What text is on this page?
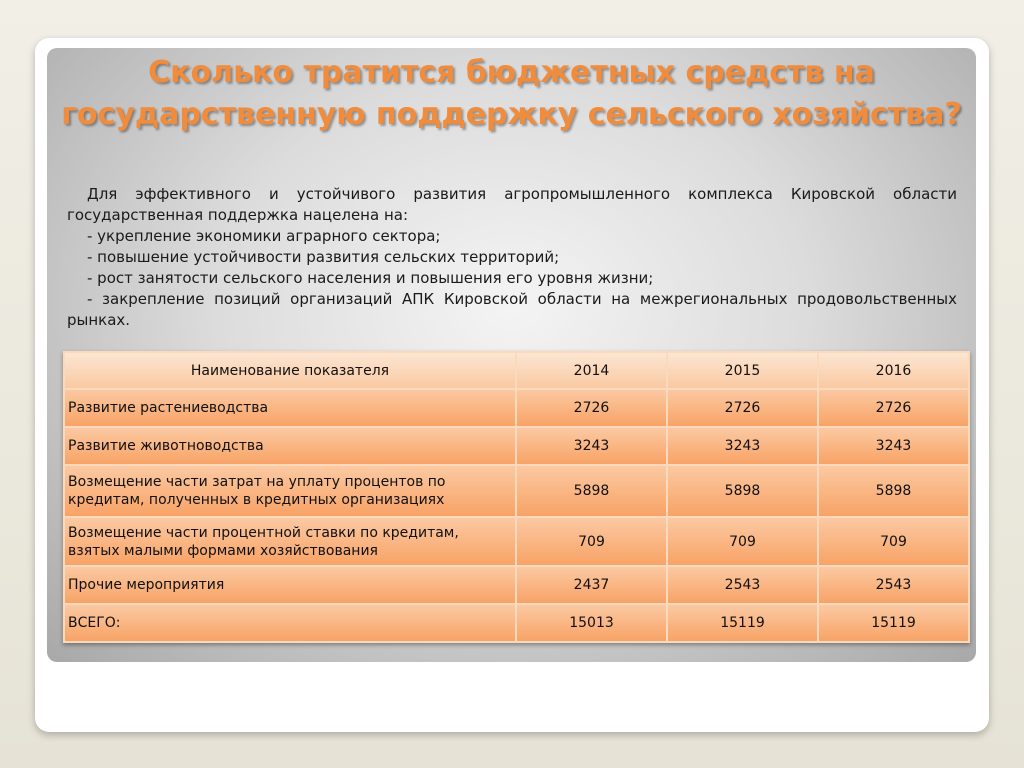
Сколько тратится бюджетных средств на государственную поддержку сельского хозяйства?

Для эффективного и устойчивого развития агропромышленного комплекса Кировской области государственная поддержка нацелена на:

- укрепление экономики аграрного сектора;

- повышение устойчивости развития сельских территорий;

- рост занятости сельского населения и повышения его уровня жизни;

- закрепление позиций организаций АПК Кировской области на межрегиональных продовольственных рынках.

Наименование показателя	2014	2015	2016
Развитие растениеводства	2726	2726	2726
Развитие животноводства	3243	3243	3243
Возмещение части затрат на уплату процентов по кредитам, полученных в кредитных организациях	5898	5898	5898
Возмещение части процентной ставки по кредитам, взятых малыми формами хозяйствования	709	709	709
Прочие мероприятия	2437	2543	2543
ВСЕГО:	15013	15119	15119
